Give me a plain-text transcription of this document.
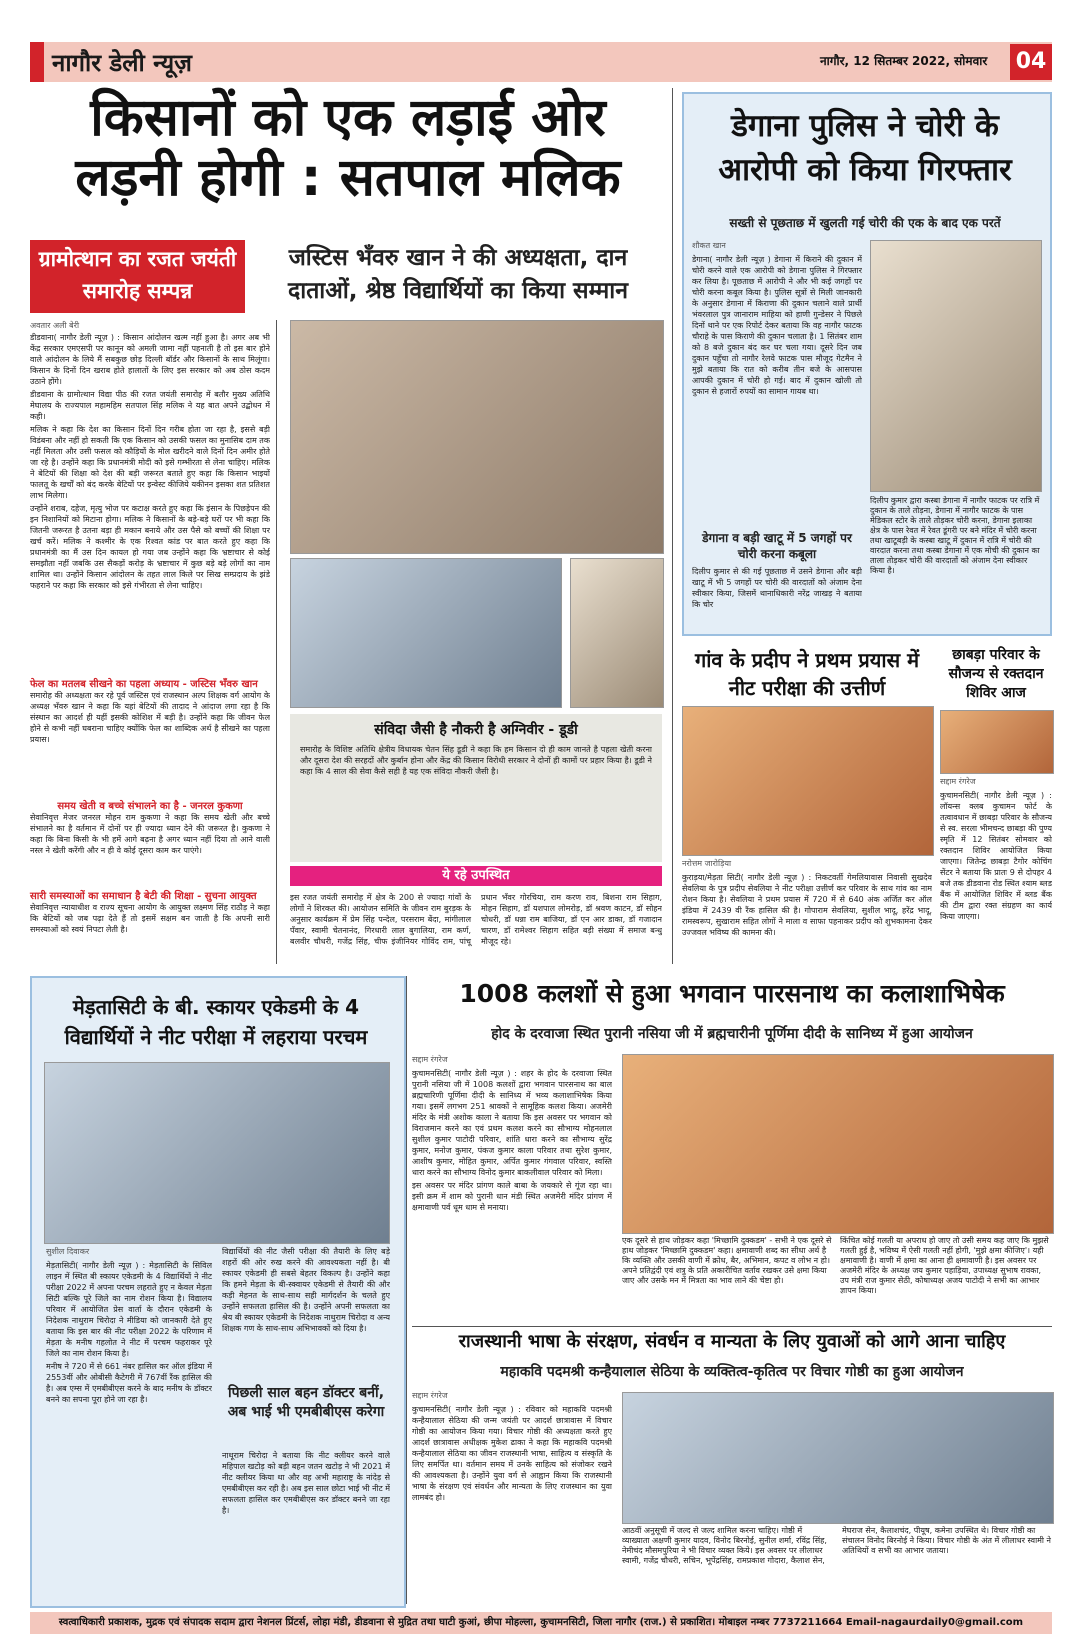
नागौर डेली न्यूज़	नागौर, 12 सितम्बर 2022, सोमवार 04
किसानों को एक लड़ाई ओर लड़नी होगी : सतपाल मलिक
ग्रामोत्थान का रजत जयंती समारोह सम्पन्न
जस्टिस भँवरु खान ने की अध्यक्षता, दान दाताओं, श्रेष्ठ विद्यार्थियों का किया सम्मान
अवतार अली बेरी

डीडवाना( नागौर डेली न्यूज़ ) : किसान आंदोलन खत्म नहीं हुआ है। अगर अब भी केंद्र सरकार एमएसपी पर कानून को अमली जामा नहीं पहनाती है तो इस बार होने वाले आंदोलन के लिये मैं सबकुछ छोड़ दिल्ली बॉर्डर और किसानों के साथ मिलूंगा। किसान के दिनों दिन खराब होते हालातों के लिए इस सरकार को अब ठोस कदम उठाने होंगे।

डीडवाना के ग्रामोत्थान विद्या पीठ की रजत जयंती समारोह में बतौर मुख्य अतिथि मेघालय के राज्यपाल महामहिम सतपाल सिंह मलिक ने यह बात अपने उद्बोधन में कही।

मलिक ने कहा कि देश का किसान दिनों दिन गरीब होता जा रहा है, इससे बड़ी विडंबना और नहीं हो सकती कि एक किसान को उसकी फसल का मुनासिब दाम तक नहीं मिलता और उसी फसल को कौड़ियों के मोल खरीदने वाले दिनों दिन अमीर होते जा रहे है। उन्होंने कहा कि प्रधानमंत्री मोदी को इसे गम्भीरता से लेना चाहिए। मलिक ने बेटियों की शिक्षा को देश की बड़ी जरूरत बताते हुए कहा कि किसान भाइयों फालतू के खर्चों को बंद करके बेटियों पर इन्वेस्ट कीजिये यकीनन इसका शत प्रतिशत लाभ मिलेगा।

उन्होंने शराब, दहेज, मृत्यु भोज पर कटाक्ष करते हुए कहा कि इंसान के पिछड़ेपन की इन निशानियों को मिटाना होगा। मलिक ने किसानों के बड़े-बड़े घरों पर भी कहा कि जितनी जरूरत है उतना बड़ा ही मकान बनाये और उस पैसे को बच्चों की शिक्षा पर खर्च करें। मलिक ने कश्मीर के एक रिश्वत कांड पर बात करते हुए कहा कि प्रधानमंत्री का मैं उस दिन कायल हो गया जब उन्होंने कहा कि भ्रष्टाचार से कोई समझौता नहीं जबकि उस सैकड़ों करोड़ के भ्रष्टाचार में कुछ बड़े बड़े लोगों का नाम शामिल था। उन्होंने किसान आंदोलन के तहत लाल किले पर सिख सम्प्रदाय के झंडे फहराने पर कहा कि सरकार को इसे गंभीरता से लेना चाहिए।

फेल का मतलब सीखने का पहला अध्याय - जस्टिस भँवरु खान
समारोह की अध्यक्षता कर रहे पूर्व जस्टिस एवं राजस्थान अल्प शिक्षक वर्ग आयोग के अध्यक्ष भँवरु खान ने कहा कि यहां बेटियों की तादाद ने आंदाज लगा रहा है कि संस्थान का आदर्श ही यहीं इसकी कोशिश में बड़ी है। उन्होंने कहा कि जीवन फेल होने से कभी नहीं घबराना चाहिए क्योंकि फेल का शाब्दिक अर्थ है सीखने का पहला प्रयास।
समय खेती व बच्चे संभालने का है - जनरल कुकणा
सेवानिवृत्त मेजर जनरल मोहन राम कुकणा ने कहा कि समय खेती और बच्चे संभालने का है वर्तमान में दोनों पर ही ज्यादा ध्यान देने की जरूरत है। कुकणा ने कहा कि बिना किसी के भी हमें आगे बढ़ना है अगर ध्यान नहीं दिया तो आने वाली नस्ल ने खेती करेंगी और न ही वे कोई दूसरा काम कर पाएंगे।
सारी समस्याओं का समाधान है बेटी की शिक्षा - सुचना आयुक्त
सेवानिवृत्त न्यायाधीश व राज्य सूचना आयोग के आयुक्त लक्ष्मण सिंह राठौड़ ने कहा कि बेटियों को जब पढ़ा देते हैं तो इसमें सक्षम बन जाती है कि अपनी सारी समस्याओं को स्वयं निपटा लेती है।
संविदा जैसी है नौकरी है अग्निवीर - डूडी
समारोह के विशिष्ट अतिथि क्षेत्रीय विधायक चेतन सिंह डूडी ने कहा कि हम किसान दो ही काम जानते है पहला खेती करना और दूसरा देश की सरहदों और कुर्बान होना और केंद्र की किसान विरोधी सरकार ने दोनों ही कामों पर प्रहार किया है। डूडी ने कहा कि 4 साल की सेवा कैसे सही है यह एक संविदा नौकरी जैसी है।
ये रहे उपस्थित
इस रजत जयंती समारोह में क्षेत्र के 200 से ज्यादा गांवों के लोगों ने शिरकत की। आयोजन समिति के जीवन राम बुरड़क के अनुसार कार्यक्रम में प्रेम सिंह पन्देल, परसराम बेंदा, मांगीलाल पँवार, स्वामी चेतनानंद, गिरधारी लाल बुगालिया, राम कर्ण, बलवीर चौधरी, गजेंद्र सिंह, चीफ इंजीनियर गोविंद राम, पांचू प्रधान भँवर गोरचिया, राम करण राव, बिशना राम सिहाग, मोहन सिहाग, डॉ यशपाल लोमरोड़, डॉ श्रवण काटन, डॉ सोहन चोधरी, डॉ धन्ना राम बाजिया, डॉ एन आर डाका, डॉ गजादान चारण, डॉ रामेश्वर सिहाग सहित बड़ी संख्या में समाज बन्धु मौजूद रहे।
डेगाना पुलिस ने चोरी के आरोपी को किया गिरफ्तार
सख्ती से पूछताछ में खुलती गई चोरी की एक के बाद एक परतें
शौकत खान
डेगाना( नागौर डेली न्यूज़ ) डेगाना में किराने की दुकान में चोरी करने वाले एक आरोपी को डेगाना पुलिस ने गिरफ्तार कर लिया है। पूछताछ में आरोपी ने और भी कई जगहों पर चोरी करना कबूल किया है। पुलिस सूत्रों से मिली जानकारी के अनुसार डेगाना में किराणा की दुकान चलाने वाले प्रार्थी भंवरलाल पुत्र जानाराम माहिया को हाणी गुन्डेसर ने पिछले दिनों थाने पर एक रिपोर्ट देकर बताया कि वह नागौर फाटक चौराहे के पास किराणे की दुकान चलाता है। 1 सितंबर शाम को 8 बजे दुकान बंद कर घर चला गया। दूसरे दिन जब दुकान पहुँचा तो नागौर रेलवे फाटक पास मौजूद गेटमैन ने मुझे बताया कि रात को करीब तीन बजे के आसपास आपकी दुकान में चोरी हो गई। बाद में दुकान खोली तो दुकान से हजारों रुपयों का सामान गायब था।
डेगाना व बड़ी खाटू में 5 जगहों पर चोरी करना कबूला
दिलीप कुमार से की गई पूछताछ में उसने डेगाना और बड़ी खाटू में भी 5 जगहों पर चोरी की वारदातों को अंजाम देना स्वीकार किया, जिसमें थानाधिकारी नरेंद्र जाखड़ ने बताया कि चोर
दिलीप कुमार द्वारा कस्बा डेगाना में नागौर फाटक पर रात्रि में दुकान के ताले तोड़ना, डेगाना में नागौर फाटक के पास मेडिकल स्टोर के ताले तोड़कर चोरी करना, डेगाना इलाका क्षेत्र के पास रेवत में रेवत डूंगरी पर बने मंदिर में चोरी करना तथा खाटूबड़ी के कस्बा खाटू में दुकान में रात्रि में चोरी की वारदात करना तथा कस्बा डेगाना में एक मोची की दुकान का ताला तोड़कर चोरी की वारदातों को अंजाम देना स्वीकार किया है।
गांव के प्रदीप ने प्रथम प्रयास में नीट परीक्षा की उत्तीर्ण
नरोत्तम जारोड़िया
कुराड़या/मेड़ता सिटी( नागौर डेली न्यूज़ ) : निकटवर्ती गेमलियावास निवासी सुखदेव सेवलिया के पुत्र प्रदीप सेवलिया ने नीट परीक्षा उत्तीर्ण कर परिवार के साथ गांव का नाम रोशन किया है। सेवलिया ने प्रथम प्रयास में 720 में से 640 अंक अर्जित कर ऑल इंडिया में 2439 वी रैंक हासिल की है। गोपाराम सेवलिया, सुशील भादू, हरेंद्र भादू, रामस्वरूप, सुखाराम सहित लोगों ने माला व साफा पहनाकर प्रदीप को शुभकामना देकर उज्जवल भविष्य की कामना की।
छाबड़ा परिवार के सौजन्य से रक्तदान शिविर आज
सद्दाम रंगरेज
कुचामनसिटी( नागौर डेली न्यूज़ ) : लॉयन्स क्लब कुचामन फोर्ट के तत्वावधान में छाबड़ा परिवार के सौजन्य से स्व. सरला भीमचन्द छाबड़ा की पुण्य स्मृति में 12 सितंबर सोमवार को रक्तदान शिविर आयोजित किया जाएगा। जितेन्द्र छाबड़ा टैगोर कोचिंग सेंटर ने बताया कि प्रातः 9 से दोपहर 4 बजे तक डीडवाना रोड स्थित श्याम ब्लड बैंक में आयोजित शिविर में ब्लड बैंक की टीम द्वारा रक्त संग्रहण का कार्य किया जाएगा।
मेड़तासिटी के बी. स्कायर एकेडमी के 4 विद्यार्थियों ने नीट परीक्षा में लहराया परचम
सुशील दिवाकर

मेड़तासिटी( नागौर डेली न्यूज़ ) : मेड़तासिटी के सिविल लाइन में स्थित बी स्कायर एकेडमी के 4 विद्यार्थियों ने नीट परीक्षा 2022 में अपना परचम लहराते हुए न केवल मेड़ता सिटी बल्कि पूरे जिले का नाम रोशन किया है। विद्यालय परिवार में आयोजित प्रेस वार्ता के दौरान एकेडमी के निदेशक नाथुराम चिरोदा ने मीडिया को जानकारी देते हुए बताया कि इस बार की नीट परीक्षा 2022 के परिणाम में मेड़ता के मनीष गहलोत ने नीट में परचम फहराकर पूरे जिले का नाम रोशन किया है।

मनीष ने 720 में से 661 नंबर हासिल कर ऑल इंडिया में 2553वीं और ओबीसी कैटेगरी में 767वीं रैंक हासिल की है। अब एम्स में एमबीबीएस करने के बाद मनीष के डॉक्टर बनने का सपना पूरा होने जा रहा है।

विद्यार्थियों की नीट जैसी परीक्षा की तैयारी के लिए बड़े शहरों की ओर रुख करने की आवश्यकता नहीं है। बी स्कायर एकेडमी ही सबसे बेहतर विकल्प है। उन्होंने कहा कि हमने मेड़ता के बी-स्क्वायर एकेडमी से तैयारी की और कड़ी मेहनत के साथ-साथ सही मार्गदर्शन के चलते हुए उन्होंने सफलता हासिल की है। उन्होंने अपनी सफलता का श्रेय बी स्कायर एकेडमी के निदेशक नाथुराम चिरोदा व अन्य शिक्षक गण के साथ-साथ अभिभावकों को दिया है।
पिछली साल बहन डॉक्टर बनीं, अब भाई भी एमबीबीएस करेगा
नाथूराम चिरोदा ने बताया कि नीट क्लीयर करने वाले महिपाल खटोड़ को बड़ी बहन जतन खटोड़ ने भी 2021 में नीट क्लीयर किया था और वह अभी महाराष्ट्र के नांदेड़ से एमबीबीएस कर रही है। अब इस साल छोटा भाई भी नीट में सफलता हासिल कर एमबीबीएस कर डॉक्टर बनने जा रहा है।
1008 कलशों से हुआ भगवान पारसनाथ का कलाशाभिषेक
होद के दरवाजा स्थित पुरानी नसिया जी में ब्रह्मचारीनी पूर्णिमा दीदी के सानिध्य में हुआ आयोजन
सद्दाम रंगरेज

कुचामनसिटी( नागौर डेली न्यूज़ ) : शहर के होद के दरवाजा स्थित पुरानी नसिया जी में 1008 कलशों द्वारा भगवान पारसनाथ का बाल ब्रह्मचारिणी पूर्णिमा दीदी के सानिध्य में भव्य कलाशाभिषेक किया गया। इसमें लगभग 251 श्रावकों ने सामूहिक कलश किया। अजमेरी मंदिर के मंत्री अशोक काला ने बताया कि इस अवसर पर भगवान को विराजमान करने का एवं प्रथम कलश करने का सौभाग्य मोहनलाल सुशील कुमार पाटोदी परिवार, शांति धारा करने का सौभाग्य सुरेंद्र कुमार, मनोज कुमार, पंकज कुमार काला परिवार तथा सुरेश कुमार, आशीष कुमार, मोहित कुमार, अर्पित कुमार गंगवाल परिवार, स्वस्ति धारा करने का सौभाग्य विनोद कुमार बाकलीवाल परिवार को मिला।

इस अवसर पर मंदिर प्रांगण काले बाबा के जयकारे से गूंज रहा था। इसी क्रम में शाम को पुरानी धान मंडी स्थित अजमेरी मंदिर प्रांगण में क्षमावाणी पर्व धूम धाम से मनाया।

एक दूसरे से हाथ जोड़कर कहा 'मिच्छामि दुक्कडम' - सभी ने एक दूसरे से हाथ जोड़कर 'मिच्छामि दुक्कडम' कहा। क्षमावाणी शब्द का सीधा अर्थ है कि व्यक्ति और उसकी वाणी में क्रोध, बैर, अभिमान, कपट व लोभ न हो। अपने प्रतिद्वंदी एवं शत्रु के प्रति अकारीचित वर्ताव रखकर उसे क्षमा किया जाए और उसके मन में मित्रता का भाव लाने की चेष्टा हो।
किंचित कोई गलती या अपराध हो जाए तो उसी समय कह जाए कि मुझसे गलती हुई है, भविष्य में ऐसी गलती नहीं होगी, 'मुझे क्षमा कीजिए'। यही क्षमावाणी है। वाणी में क्षमा का आना ही क्षमावाणी है। इस अवसर पर अजमेरी मंदिर के अध्यक्ष जय कुमार पहाड़िया, उपाध्यक्ष सुभाष रावका, उप मंत्री राज कुमार सेठी, कोषाध्यक्ष अजय पाटोदी ने सभी का आभार ज्ञापन किया।
राजस्थानी भाषा के संरक्षण, संवर्धन व मान्यता के लिए युवाओं को आगे आना चाहिए
महाकवि पदमश्री कन्हैयालाल सेठिया के व्यक्तित्व-कृतित्व पर विचार गोष्ठी का हुआ आयोजन
सद्दाम रंगरेज
कुचामनसिटी( नागौर डेली न्यूज़ ) : रविवार को महाकवि पदमश्री कन्हैयालाल सेठिया की जन्म जयंती पर आदर्श छात्रावास में विचार गोष्ठी का आयोजन किया गया। विचार गोष्ठी की अध्यक्षता करते हुए आदर्श छात्रावास अधीक्षक मुकेश ढाका ने कहा कि महाकवि पदमश्री कन्हैयालाल सेठिया का जीवन राजस्थानी भाषा, साहित्य व संस्कृति के लिए समर्पित था। वर्तमान समय में उनके साहित्य को संजोकर रखने की आवश्यकता है। उन्होंने युवा वर्ग से आह्वान किया कि राजस्थानी भाषा के संरक्षण एवं संवर्धन और मान्यता के लिए राजस्थान का युवा लामबंद हो।
आठवीं अनुसूची में जल्द से जल्द शामिल करना चाहिए। गोष्ठी में व्याख्याता अक्षणी कुमार यादव, विनोद बिरनोई, सुनील शर्मा, रविंद्र सिंह, नेमीचंद मौसमपुरिया ने भी विचार व्यक्त किये। इस अवसर पर लीलाधर स्वामी, गजेंद्र चौधरी, सचिन, भूपेंद्रसिंह, रामप्रकाश गोदारा, कैलाश सेन, मेघराज सेन, कैलाशचंद, पीयूष, कमेना उपस्थित थे। विचार गोष्ठी का संचालन विनोद बिरनोई ने किया। विचार गोष्ठी के अंत में लीलाधर स्वामी ने अतिथियों व सभी का आभार जताया।
स्वत्वाधिकारी प्रकाशक, मुद्रक एवं संपादक सदाम द्वारा नेशनल प्रिंटर्स, लोहा मंडी, डीडवाना से मुद्रित तथा घाटी कुआं, छीपा मोहल्ला, कुचामनसिटी, जिला नागौर (राज.) से प्रकाशित। मोबाइल नम्बर 7737211664 Email-nagaurdaily0@gmail.com
